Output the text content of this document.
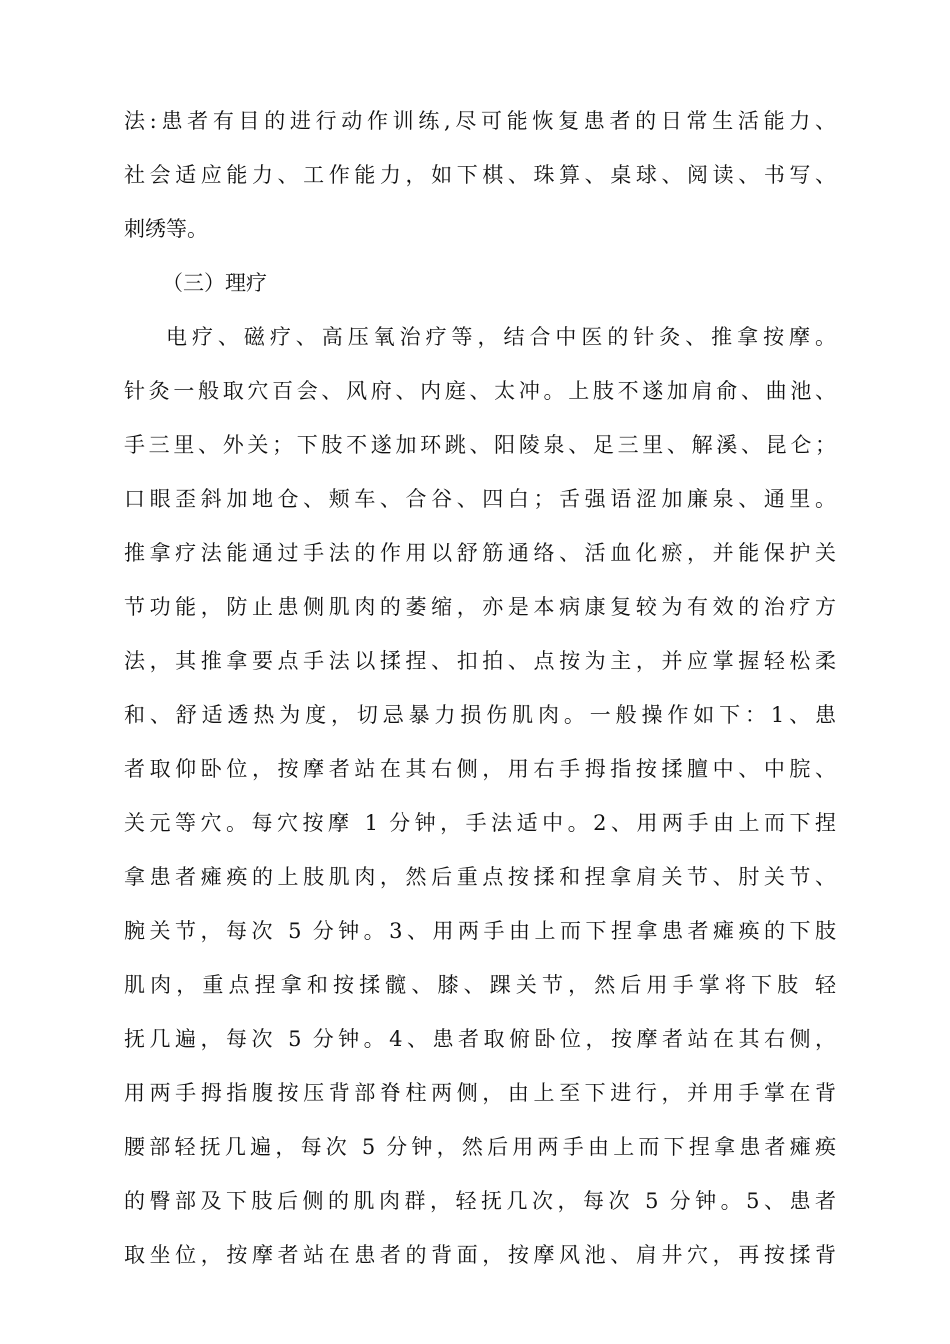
法:患者有目的进行动作训练,尽可能恢复患者的日常生活能力、
社会适应能力、工作能力，如下棋、珠算、桌球、阅读、书写、
刺绣等。
（三）理疗
电疗、磁疗、高压氧治疗等，结合中医的针灸、推拿按摩。
针灸一般取穴百会、风府、内庭、太冲。上肢不遂加肩俞、曲池、
手三里、外关；下肢不遂加环跳、阳陵泉、足三里、解溪、昆仑；
口眼歪斜加地仓、颊车、合谷、四白；舌强语涩加廉泉、通里。
推拿疗法能通过手法的作用以舒筋通络、活血化瘀，并能保护关
节功能，防止患侧肌肉的萎缩，亦是本病康复较为有效的治疗方
法，其推拿要点手法以揉捏、扣拍、点按为主，并应掌握轻松柔
和、舒适透热为度，切忌暴力损伤肌肉。一般操作如下：1、患
者取仰卧位，按摩者站在其右侧，用右手拇指按揉膻中、中脘、
关元等穴。每穴按摩 1 分钟，手法适中。2、用两手由上而下捏
拿患者瘫痪的上肢肌肉，然后重点按揉和捏拿肩关节、肘关节、
腕关节，每次 5 分钟。3、用两手由上而下捏拿患者瘫痪的下肢
肌肉，重点捏拿和按揉髋、膝、踝关节，然后用手掌将下肢 轻
抚几遍，每次 5 分钟。4、患者取俯卧位，按摩者站在其右侧，
用两手拇指腹按压背部脊柱两侧，由上至下进行，并用手掌在背
腰部轻抚几遍，每次 5 分钟，然后用两手由上而下捏拿患者瘫痪
的臀部及下肢后侧的肌肉群，轻抚几次，每次 5 分钟。5、患者
取坐位，按摩者站在患者的背面，按摩风池、肩井穴，再按揉背
